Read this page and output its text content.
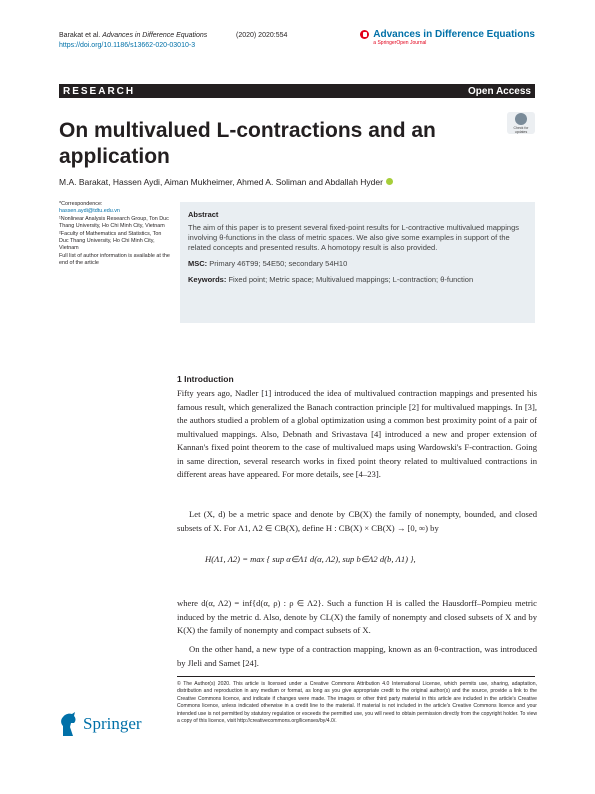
Barakat et al. Advances in Difference Equations
https://doi.org/10.1186/s13662-020-03010-3
(2020) 2020:554	Advances in Difference Equations
a SpringerOpen Journal
RESEARCH	Open Access
On multivalued L-contractions and an application
Check for updates
M.A. Barakat, Hassen Aydi, Aiman Mukheimer, Ahmed A. Soliman and Abdallah Hyder
*Correspondence:
hassen.aydi@tdtu.edu.vn
¹Nonlinear Analysis Research Group, Ton Duc Thang University, Ho Chi Minh City, Vietnam
²Faculty of Mathematics and Statistics, Ton Duc Thang University, Ho Chi Minh City, Vietnam
Full list of author information is available at the end of the article
Abstract

The aim of this paper is to present several fixed-point results for L-contractive multivalued mappings involving θ-functions in the class of metric spaces. We also give some examples in support of the related concepts and presented results. A homotopy result is also provided.

MSC: Primary 46T99; 54E50; secondary 54H10

Keywords: Fixed point; Metric space; Multivalued mappings; L-contraction; θ-function

1 Introduction

Fifty years ago, Nadler [1] introduced the idea of multivalued contraction mappings and presented his famous result, which generalized the Banach contraction principle [2] for multivalued mappings. In [3], the authors studied a problem of a global optimization using a common best proximity point of a pair of multivalued mappings. Also, Debnath and Srivastava [4] introduced a new and proper extension of Kannan's fixed point theorem to the case of multivalued maps using Wardowski's F-contraction. Going in same direction, several research works in fixed point theory related to multivalued contractions in different areas have appeared. For more details, see [4–23].

Let (X, d) be a metric space and denote by CB(X) the family of nonempty, bounded, and closed subsets of X. For Λ1, Λ2 ∈ CB(X), define H : CB(X) × CB(X) → [0, ∞) by

H(Λ1, Λ2) = max { sup α∈Λ1 d(α, Λ2), sup b∈Λ2 d(b, Λ1) },

where d(α, Λ2) = inf{d(α, ρ) : ρ ∈ Λ2}. Such a function H is called the Hausdorff–Pompieu metric induced by the metric d. Also, denote by CL(X) the family of nonempty and closed subsets of X and by K(X) the family of nonempty and compact subsets of X.

On the other hand, a new type of a contraction mapping, known as an θ-contraction, was introduced by Jleli and Samet [24].

© The Author(s) 2020. This article is licensed under a Creative Commons Attribution 4.0 International License, which permits use, sharing, adaptation, distribution and reproduction in any medium or format, as long as you give appropriate credit to the original author(s) and the source, provide a link to the Creative Commons licence, and indicate if changes were made. The images or other third party material in this article are included in the article's Creative Commons licence, unless indicated otherwise in a credit line to the material. If material is not included in the article's Creative Commons licence and your intended use is not permitted by statutory regulation or exceeds the permitted use, you will need to obtain permission directly from the copyright holder. To view a copy of this licence, visit http://creativecommons.org/licenses/by/4.0/.

Springer
